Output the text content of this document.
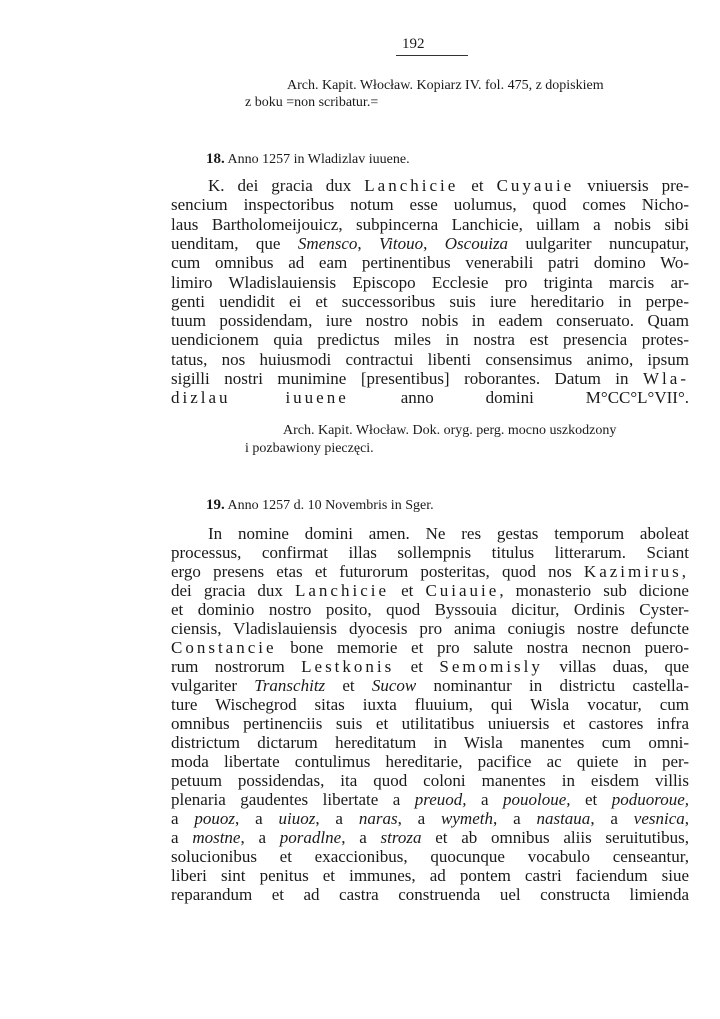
192
Arch. Kapit. Włocław. Kopiarz IV. fol. 475, z dopiskiem
z boku =non scribatur.=
18. Anno 1257 in Wladizlav iuuene.
K. dei gracia dux Lanchicie et Cuyauie vniuersis pre-
sencium inspectoribus notum esse uolumus, quod comes Nicho-
laus Bartholomeijouicz, subpincerna Lanchicie, uillam a nobis sibi
uenditam, que Smensco, Vitouo, Oscouiza uulgariter nuncupatur,
cum omnibus ad eam pertinentibus venerabili patri domino Wo-
limiro Wladislauiensis Episcopo Ecclesie pro triginta marcis ar-
genti uendidit ei et successoribus suis iure hereditario in perpe-
tuum possidendam, iure nostro nobis in eadem conseruato. Quam
uendicionem quia predictus miles in nostra est presencia protes-
tatus, nos huiusmodi contractui libenti consensimus animo, ipsum
sigilli nostri munimine [presentibus] roborantes. Datum in Wla-
dizlau iuuene anno domini M°CC°L°VII°.
Arch. Kapit. Włocław. Dok. oryg. perg. mocno uszkodzony
i pozbawiony pieczęci.
19. Anno 1257 d. 10 Novembris in Sger.
In nomine domini amen. Ne res gestas temporum aboleat
processus, confirmat illas sollempnis titulus litterarum. Sciant
ergo presens etas et futurorum posteritas, quod nos Kazimirus,
dei gracia dux Lanchicie et Cuiauie, monasterio sub dicione
et dominio nostro posito, quod Byssouia dicitur, Ordinis Cyster-
ciensis, Vladislauiensis dyocesis pro anima coniugis nostre defuncte
Constancie bone memorie et pro salute nostra necnon puero-
rum nostrorum Lestkonis et Semomisly villas duas, que
vulgariter Transchitz et Sucow nominantur in districtu castella-
ture Wischegrod sitas iuxta fluuium, qui Wisla vocatur, cum
omnibus pertinenciis suis et utilitatibus uniuersis et castores infra
districtum dictarum hereditatum in Wisla manentes cum omni-
moda libertate contulimus hereditarie, pacifice ac quiete in per-
petuum possidendas, ita quod coloni manentes in eisdem villis
plenaria gaudentes libertate a preuod, a pouoloue, et poduoroue,
a pouoz, a uiuoz, a naras, a wymeth, a nastaua, a vesnica,
a mostne, a poradlne, a stroza et ab omnibus aliis seruitutibus,
solucionibus et exaccionibus, quocunque vocabulo censeantur,
liberi sint penitus et immunes, ad pontem castri faciendum siue
reparandum et ad castra construenda uel constructa limienda
